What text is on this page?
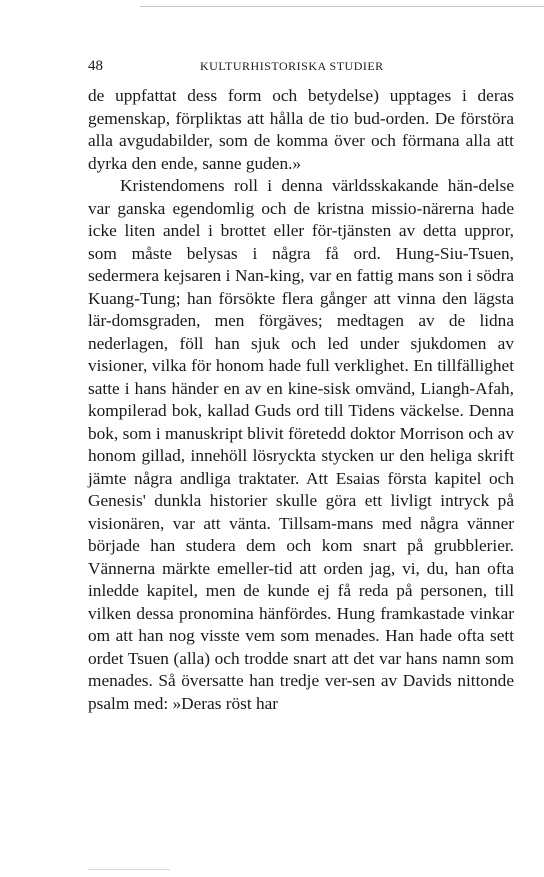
48	KULTURHISTORISKA STUDIER

de uppfattat dess form och betydelse) upptages i deras gemenskap, förpliktas att hålla de tio bud-orden. De förstöra alla avgudabilder, som de komma över och förmana alla att dyrka den ende, sanne guden.»

Kristendomens roll i denna världsskakande hän-delse var ganska egendomlig och de kristna missio-närerna hade icke liten andel i brottet eller för-tjänsten av detta uppror, som måste belysas i några få ord. Hung-Siu-Tsuen, sedermera kejsaren i Nan-king, var en fattig mans son i södra Kuang-Tung; han försökte flera gånger att vinna den lägsta lär-domsgraden, men förgäves; medtagen av de lidna nederlagen, föll han sjuk och led under sjukdomen av visioner, vilka för honom hade full verklighet. En tillfällighet satte i hans händer en av en kine-sisk omvänd, Liangh-Afah, kompilerad bok, kallad Guds ord till Tidens väckelse. Denna bok, som i manuskript blivit företedd doktor Morrison och av honom gillad, innehöll lösryckta stycken ur den heliga skrift jämte några andliga traktater. Att Esaias första kapitel och Genesis' dunkla historier skulle göra ett livligt intryck på visionären, var att vänta. Tillsam-mans med några vänner började han studera dem och kom snart på grubblerier. Vännerna märkte emeller-tid att orden jag, vi, du, han ofta inledde kapitel, men de kunde ej få reda på personen, till vilken dessa pronomina hänfördes. Hung framkastade vinkar om att han nog visste vem som menades. Han hade ofta sett ordet Tsuen (alla) och trodde snart att det var hans namn som menades. Så översatte han tredje ver-sen av Davids nittonde psalm med: »Deras röst har
